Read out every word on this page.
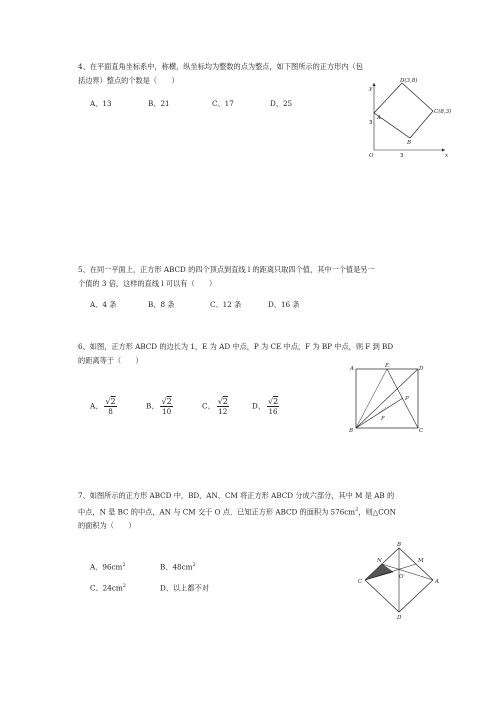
4、在平面直角坐标系中，称横、纵坐标均为整数的点为整点，如下图所示的正方形内（包
括边界）整点的个数是（　　）
A、13	B、21	C、17	D、25
y
x
O
D(3,8)
C(8,3)
B
A
3
3
5、在同一平面上，正方形 ABCD 的四个顶点到直线 l 的距离只取四个值，其中一个值是另一
个值的 3 倍，这样的直线 l 可以有（　　）
A、4 条	B、8 条	C、12 条	D、16 条
6、如图，正方形 ABCD 的边长为 1，E 为 AD 中点，P 为 CE 中点，F 为 BP 中点，则 F 到 BD
的距离等于（　　）
A、 $\frac{√2}{8}$	B、 $\frac{√2}{10}$	C、 $\frac{√2}{12}$	D、 $\frac{√2}{16}$
A
B	C
D
E
P
F
7、如图所示的正方形 ABCD 中，BD、AN、CM 将正方形 ABCD 分成六部分，其中 M 是 AB 的
中点，N 是 BC 的中点，AN 与 CM 交于 O 点．已知正方形 ABCD 的面积为 $576cm^2$，则△CON
的面积为（　　）
A、$96cm^2$	B、$48cm^2$
C、$24cm^2$	D、以上都不对
B
A
C
D
M
N
O
